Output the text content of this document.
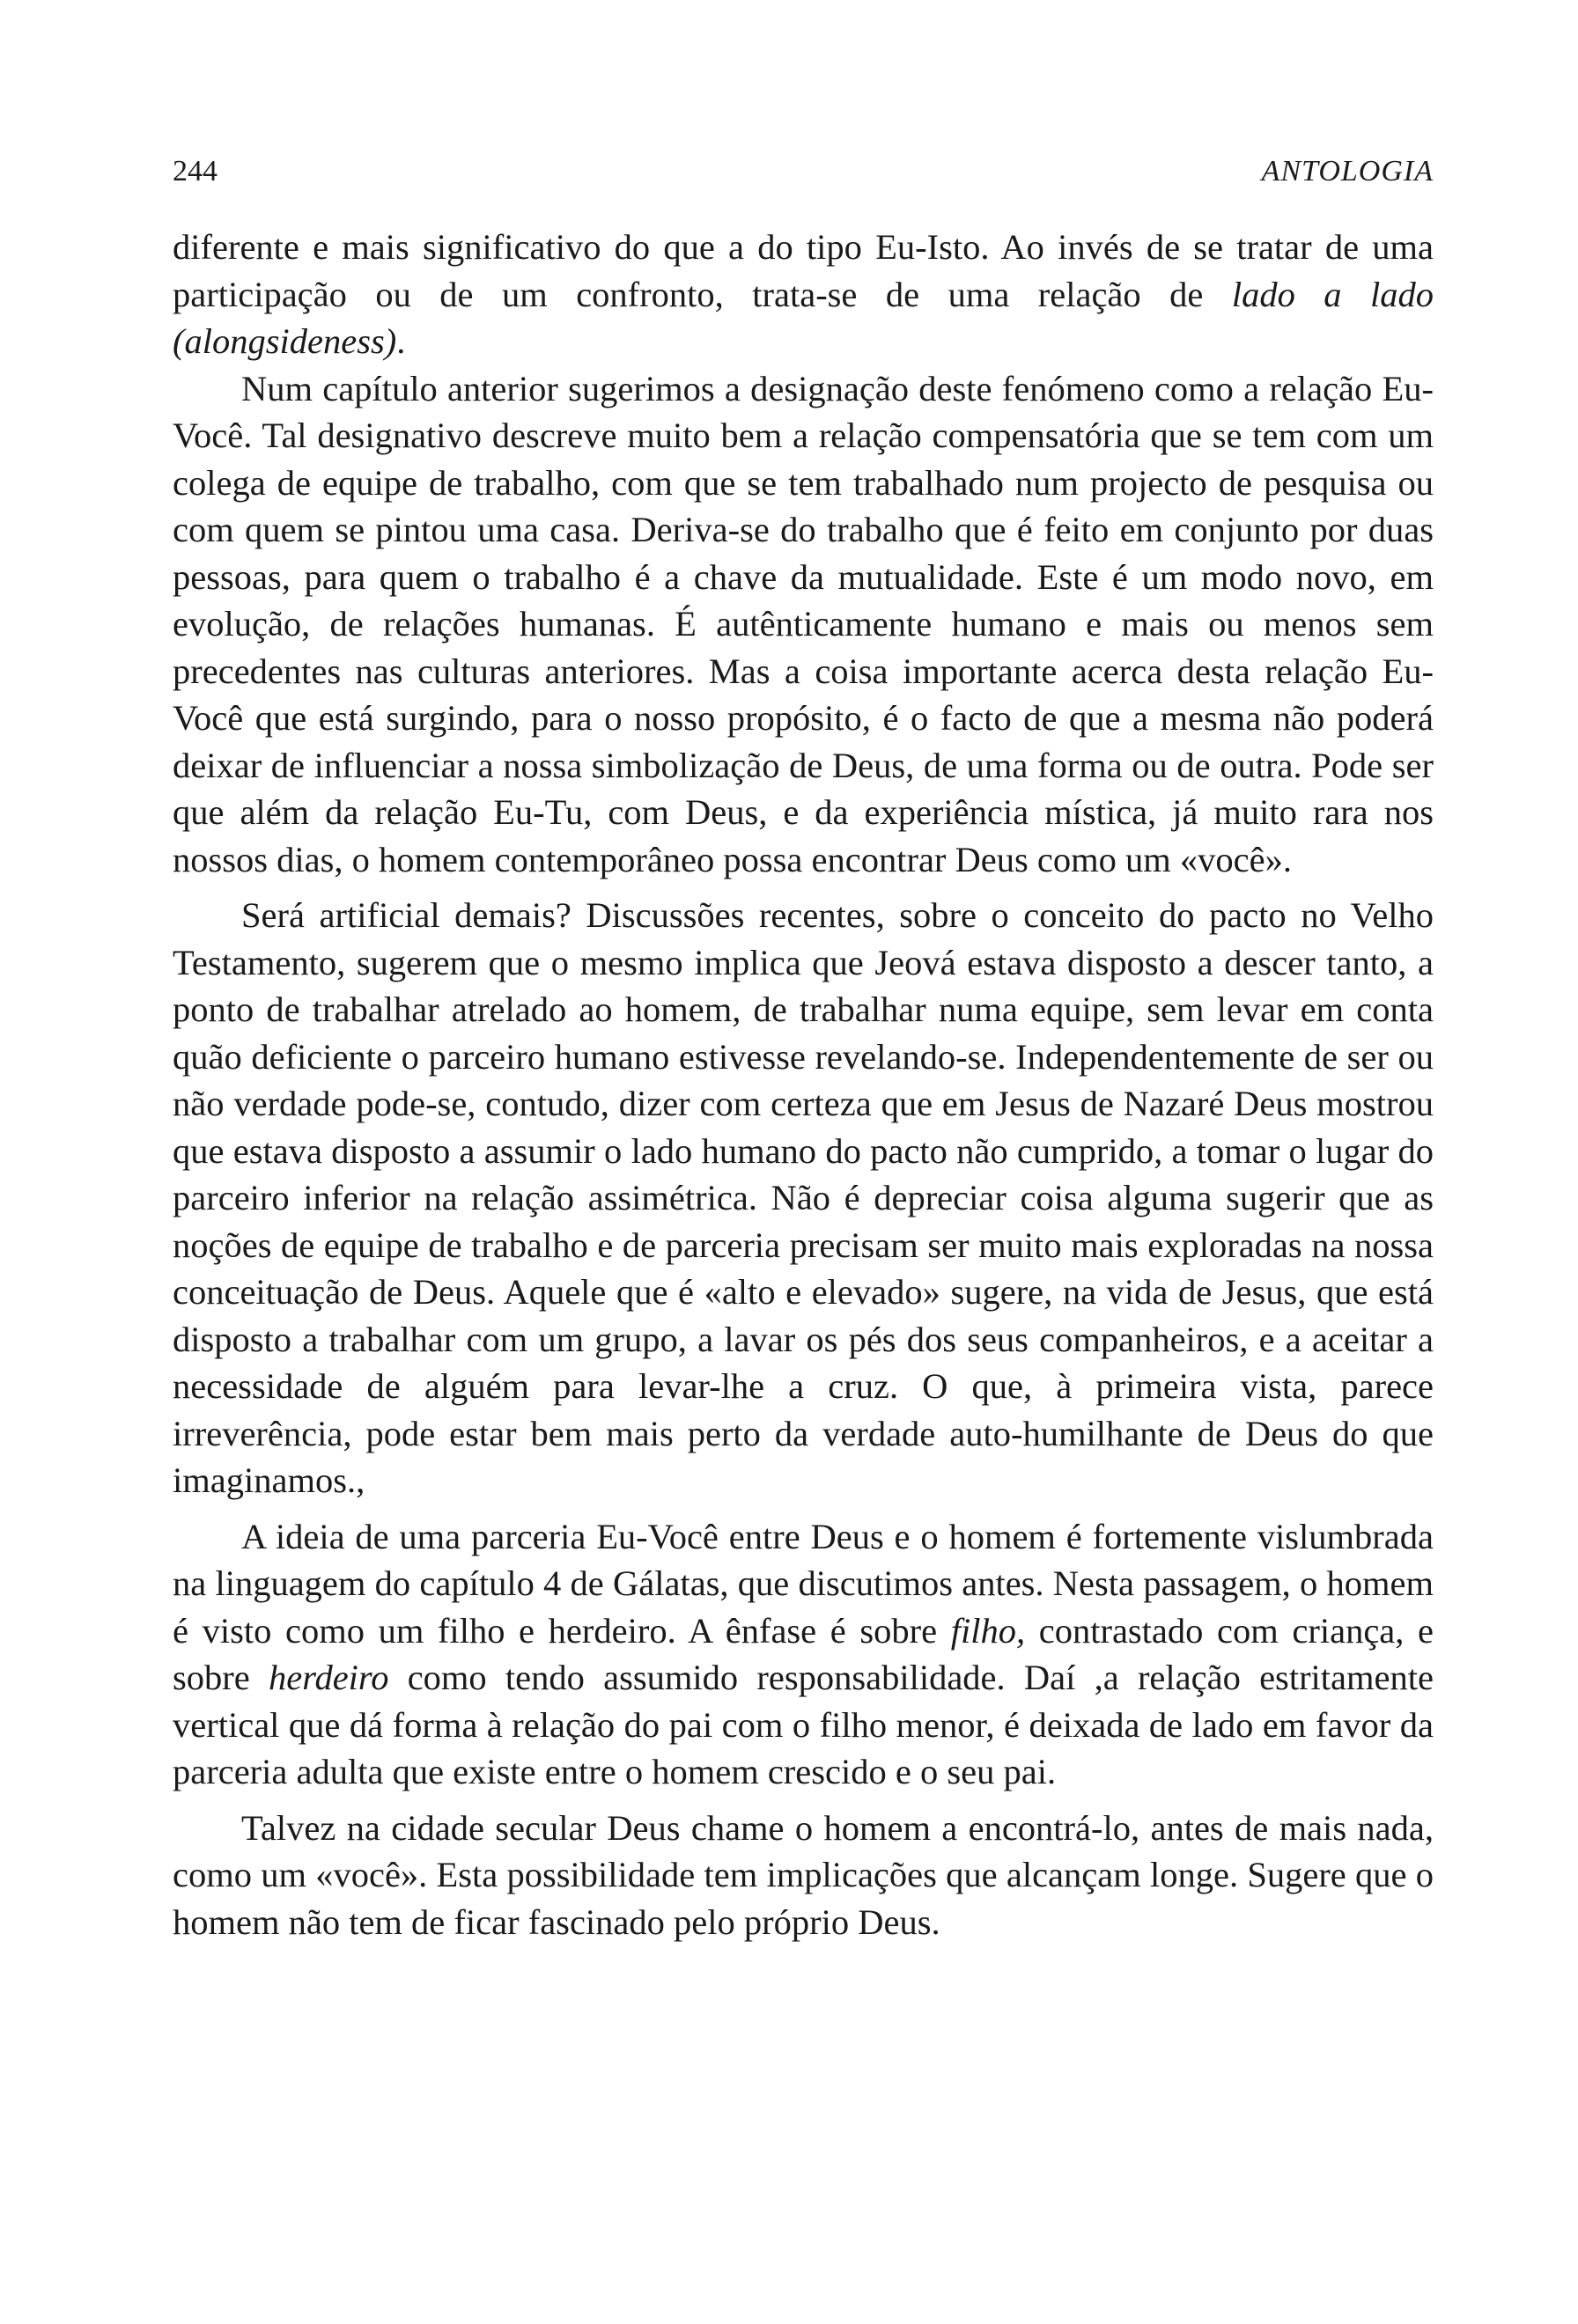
244	ANTOLOGIA

diferente e mais significativo do que a do tipo Eu-Isto. Ao invés de se tratar de uma participação ou de um confronto, trata-se de uma relação de lado a lado (alongsideness).

Num capítulo anterior sugerimos a designação deste fenómeno como a relação Eu-Você. Tal designativo descreve muito bem a relação compensatória que se tem com um colega de equipe de trabalho, com que se tem trabalhado num projecto de pesquisa ou com quem se pintou uma casa. Deriva-se do trabalho que é feito em conjunto por duas pessoas, para quem o trabalho é a chave da mutualidade. Este é um modo novo, em evolução, de relações humanas. É autênticamente humano e mais ou menos sem precedentes nas culturas anteriores. Mas a coisa importante acerca desta relação Eu-Você que está surgindo, para o nosso propósito, é o facto de que a mesma não poderá deixar de influenciar a nossa simbolização de Deus, de uma forma ou de outra. Pode ser que além da relação Eu-Tu, com Deus, e da experiência mística, já muito rara nos nossos dias, o homem contemporâneo possa encontrar Deus como um «você».

Será artificial demais? Discussões recentes, sobre o conceito do pacto no Velho Testamento, sugerem que o mesmo implica que Jeová estava disposto a descer tanto, a ponto de trabalhar atrelado ao homem, de trabalhar numa equipe, sem levar em conta quão deficiente o parceiro humano estivesse revelando-se. Independentemente de ser ou não verdade pode-se, contudo, dizer com certeza que em Jesus de Nazaré Deus mostrou que estava disposto a assumir o lado humano do pacto não cumprido, a tomar o lugar do parceiro inferior na relação assimétrica. Não é depreciar coisa alguma sugerir que as noções de equipe de trabalho e de parceria precisam ser muito mais exploradas na nossa conceituação de Deus. Aquele que é «alto e elevado» sugere, na vida de Jesus, que está disposto a trabalhar com um grupo, a lavar os pés dos seus companheiros, e a aceitar a necessidade de alguém para levar-lhe a cruz. O que, à primeira vista, parece irreverência, pode estar bem mais perto da verdade auto-humilhante de Deus do que imaginamos.,

A ideia de uma parceria Eu-Você entre Deus e o homem é fortemente vislumbrada na linguagem do capítulo 4 de Gálatas, que discutimos antes. Nesta passagem, o homem é visto como um filho e herdeiro. A ênfase é sobre filho, contrastado com criança, e sobre herdeiro como tendo assumido responsabilidade. Daí ,a relação estritamente vertical que dá forma à relação do pai com o filho menor, é deixada de lado em favor da parceria adulta que existe entre o homem crescido e o seu pai.

Talvez na cidade secular Deus chame o homem a encontrá-lo, antes de mais nada, como um «você». Esta possibilidade tem implicações que alcançam longe. Sugere que o homem não tem de ficar fascinado pelo próprio Deus.
